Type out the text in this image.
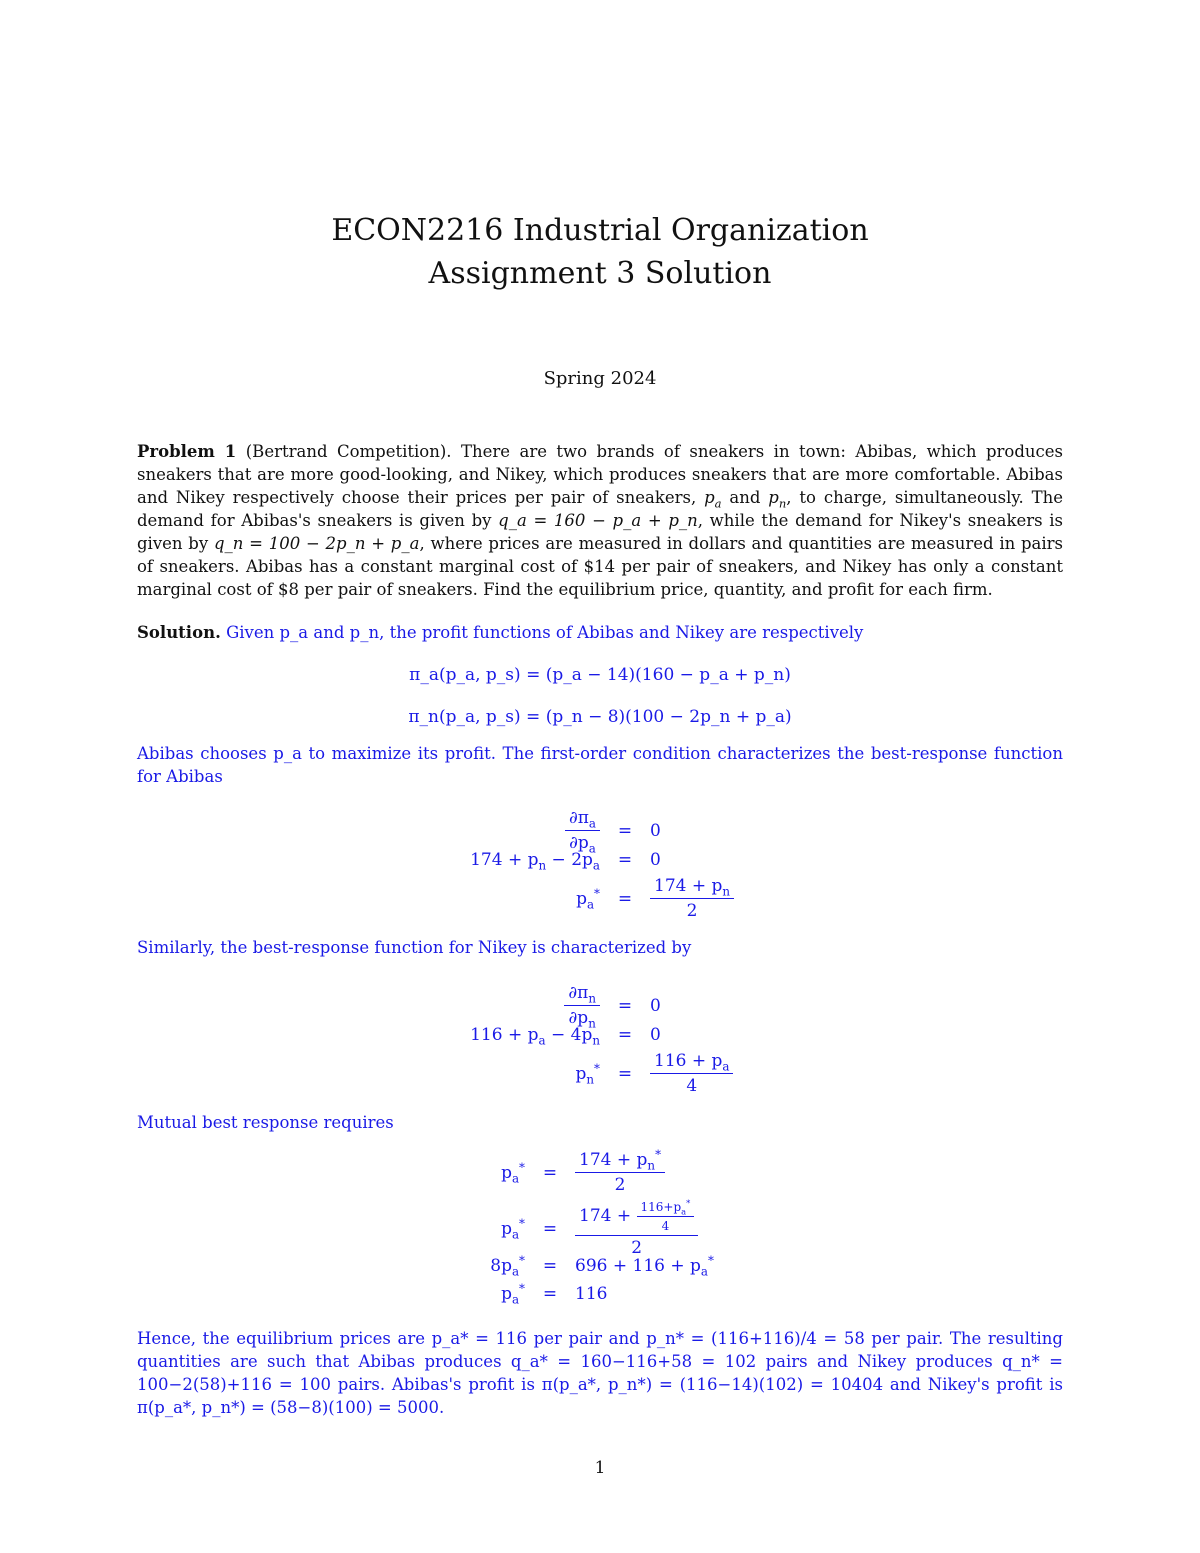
ECON2216 Industrial Organization
Assignment 3 Solution
Spring 2024
Problem 1 (Bertrand Competition). There are two brands of sneakers in town: Abibas, which produces sneakers that are more good-looking, and Nikey, which produces sneakers that are more comfortable. Abibas and Nikey respectively choose their prices per pair of sneakers, $p_a$ and $p_n$, to charge, simultaneously. The demand for Abibas's sneakers is given by q_a = 160 − p_a + p_n, while the demand for Nikey's sneakers is given by q_n = 100 − 2p_n + p_a, where prices are measured in dollars and quantities are measured in pairs of sneakers. Abibas has a constant marginal cost of $14 per pair of sneakers, and Nikey has only a constant marginal cost of $8 per pair of sneakers. Find the equilibrium price, quantity, and profit for each firm.
Solution. Given p_a and p_n, the profit functions of Abibas and Nikey are respectively
π_a(p_a, p_s) = (p_a − 14)(160 − p_a + p_n)
π_n(p_a, p_s) = (p_n − 8)(100 − 2p_n + p_a)
Abibas chooses p_a to maximize its profit. The first-order condition characterizes the best-response function for Abibas
$\frac{\partial\pi_a}{\partial p_a}$	=	0
$174 + p_n - 2p_a$	=	0
$p_a^*$	=	$\frac{174 + p_n}{2}$
Similarly, the best-response function for Nikey is characterized by
$\frac{\partial\pi_n}{\partial p_n}$	=	0
$116 + p_a - 4p_n$	=	0
$p_n^*$	=	$\frac{116 + p_a}{4}$
Mutual best response requires
$p_a^*$	=	$\frac{174 + p_n^*}{2}$
$p_a^*$	=	$\frac{174 + \frac{116+p_a^*}{4}}{2}$
$8p_a^*$	=	$696 + 116 + p_a^*$
$p_a^*$	=	116
Hence, the equilibrium prices are p_a* = 116 per pair and p_n* = (116+116)/4 = 58 per pair. The resulting quantities are such that Abibas produces q_a* = 160−116+58 = 102 pairs and Nikey produces q_n* = 100−2(58)+116 = 100 pairs. Abibas's profit is π(p_a*, p_n*) = (116−14)(102) = 10404 and Nikey's profit is π(p_a*, p_n*) = (58−8)(100) = 5000.
1
